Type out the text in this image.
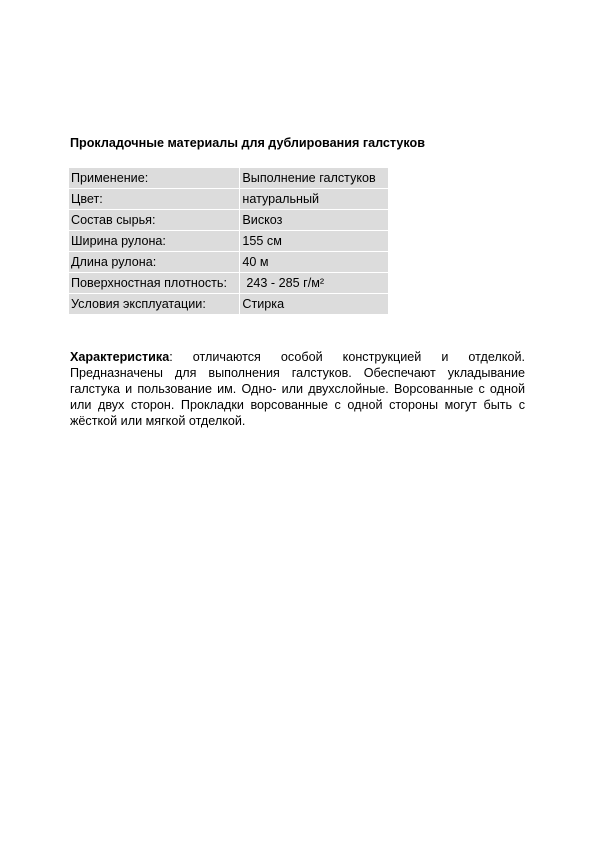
Прокладочные материалы для дублирования галстуков
Применение:	Выполнение галстуков
Цвет:	натуральный
Состав сырья:	Вискоз
Ширина рулона:	155 см
Длина рулона:	40 м
Поверхностная плотность:	243 - 285 г/м²
Условия эксплуатации:	Стирка

Характеристика: отличаются особой конструкцией и отделкой. Предназначены для выполнения галстуков. Обеспечают укладывание галстука и пользование им. Одно- или двухслойные. Ворсованные с одной или двух сторон. Прокладки ворсованные с одной стороны могут быть с жёсткой или мягкой отделкой.
